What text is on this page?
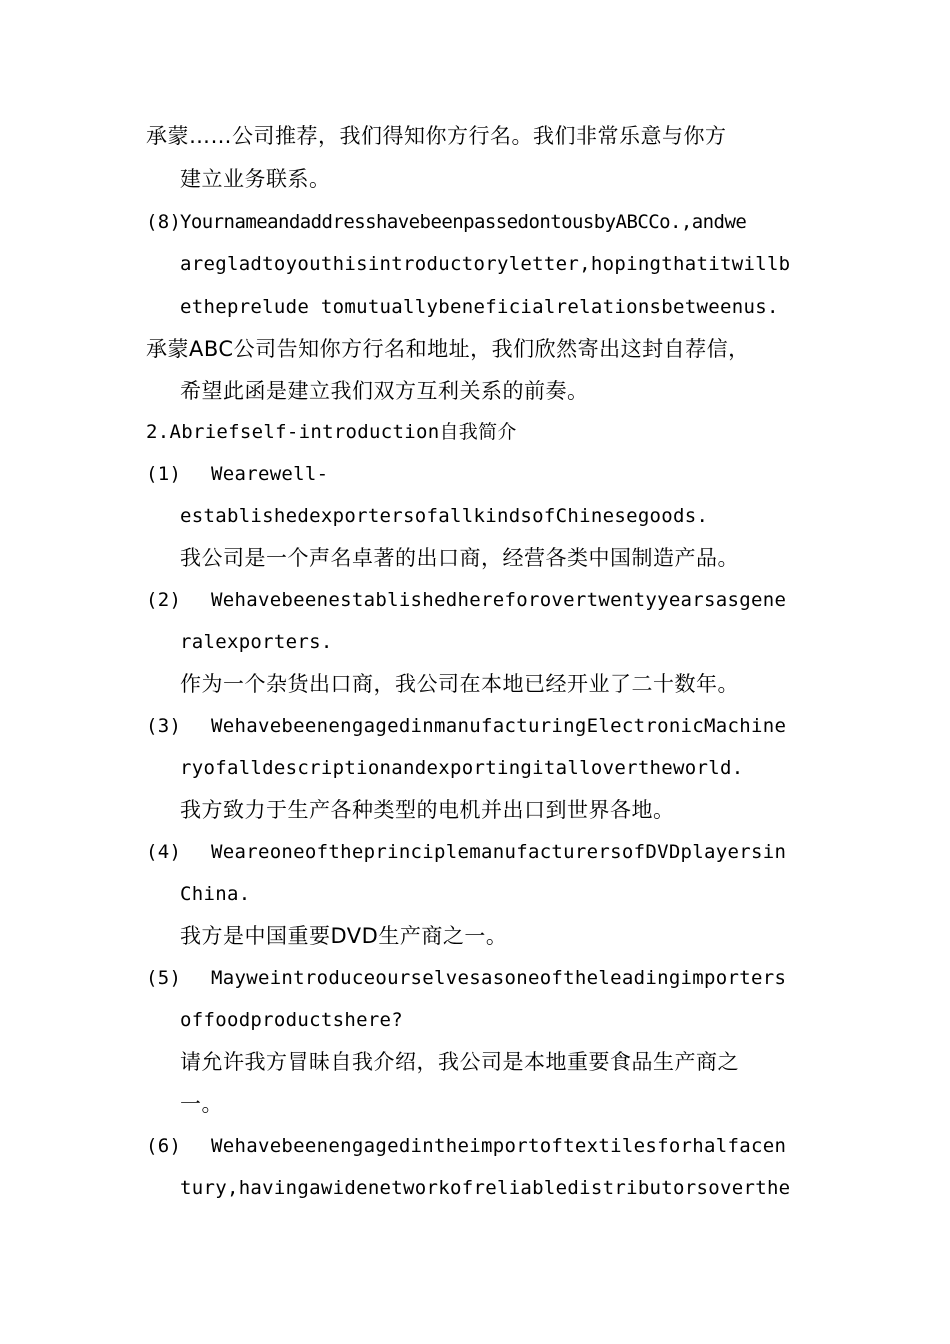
承蒙……公司推荐，我们得知你方行名。我们非常乐意与你方
建立业务联系。
(8)
YournameandaddresshavebeenpassedontousbyABCCo.,andwe
aregladtoyouthisintroductoryletter,hopingthatitwillb
etheprelude tomutuallybeneficialrelationsbetweenus.
承蒙ABC公司告知你方行名和地址，我们欣然寄出这封自荐信，
希望此函是建立我们双方互利关系的前奏。
2.Abriefself-introduction自我简介
(1) Wearewell-
establishedexportersofallkindsofChinesegoods.
我公司是一个声名卓著的出口商，经营各类中国制造产品。
(2) Wehavebeenestablishedhereforovertwentyyearsasgene
ralexporters.
作为一个杂货出口商，我公司在本地已经开业了二十数年。
(3) WehavebeenengagedinmanufacturingElectronicMachine
ryofalldescriptionandexportingitallovertheworld.
我方致力于生产各种类型的电机并出口到世界各地。
(4) WeareoneoftheprinciplemanufacturersofDVDplayersin
China.
我方是中国重要DVD生产商之一。
(5) Mayweintroduceourselvesasoneoftheleadingimporters
offoodproductshere?
请允许我方冒昧自我介绍，我公司是本地重要食品生产商之
一。
(6) Wehavebeenengagedintheimportoftextilesforhalfacen
tury,havingawidenetworkofreliabledistributorsoverthe
